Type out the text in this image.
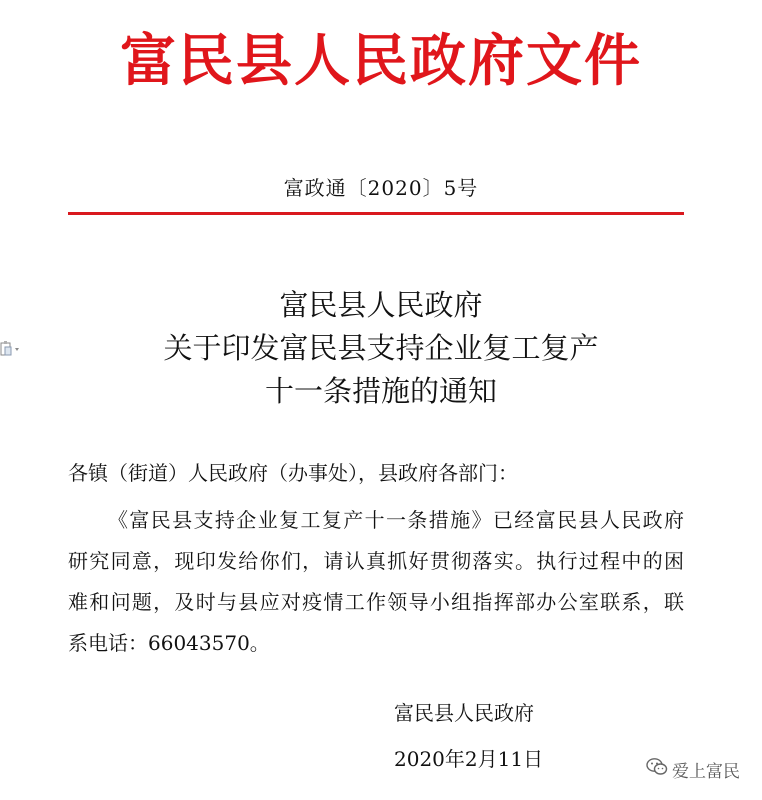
富民县人民政府文件
富政通〔2020〕5号
富民县人民政府
关于印发富民县支持企业复工复产
十一条措施的通知
各镇（街道）人民政府（办事处），县政府各部门：
《富民县支持企业复工复产十一条措施》已经富民县人民政府
研究同意，现印发给你们，请认真抓好贯彻落实。执行过程中的困
难和问题，及时与县应对疫情工作领导小组指挥部办公室联系，联
系电话：66043570。
富民县人民政府
2020年2月11日
爱上富民
